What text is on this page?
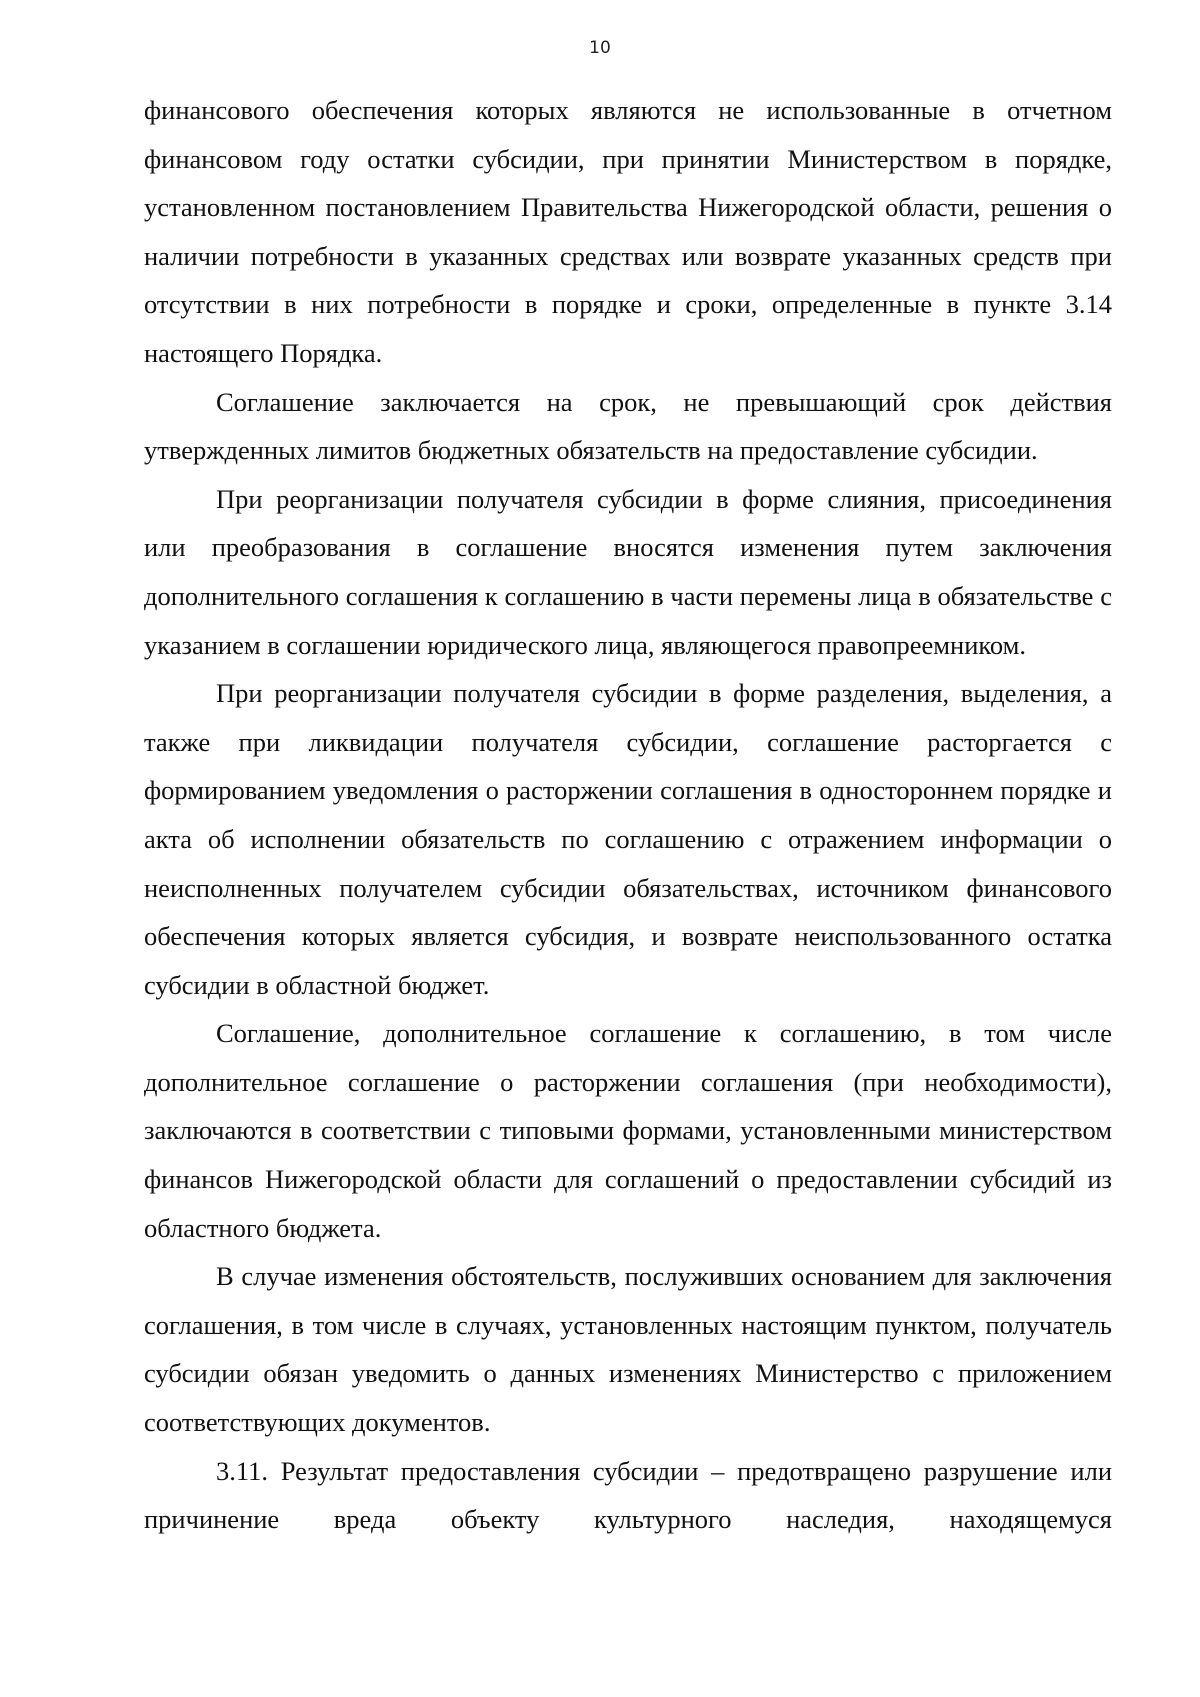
10

финансового обеспечения которых являются не использованные в отчетном финансовом году остатки субсидии, при принятии Министерством в порядке, установленном постановлением Правительства Нижегородской области, решения о наличии потребности в указанных средствах или возврате указанных средств при отсутствии в них потребности в порядке и сроки, определенные в пункте 3.14 настоящего Порядка.

Соглашение заключается на срок, не превышающий срок действия утвержденных лимитов бюджетных обязательств на предоставление субсидии.

При реорганизации получателя субсидии в форме слияния, присоединения или преобразования в соглашение вносятся изменения путем заключения дополнительного соглашения к соглашению в части перемены лица в обязательстве с указанием в соглашении юридического лица, являющегося правопреемником.

При реорганизации получателя субсидии в форме разделения, выделения, а также при ликвидации получателя субсидии, соглашение расторгается с формированием уведомления о расторжении соглашения в одностороннем порядке и акта об исполнении обязательств по соглашению с отражением информации о неисполненных получателем субсидии обязательствах, источником финансового обеспечения которых является субсидия, и возврате неиспользованного остатка субсидии в областной бюджет.

Соглашение, дополнительное соглашение к соглашению, в том числе дополнительное соглашение о расторжении соглашения (при необходимости), заключаются в соответствии с типовыми формами, установленными министерством финансов Нижегородской области для соглашений о предоставлении субсидий из областного бюджета.

В случае изменения обстоятельств, послуживших основанием для заключения соглашения, в том числе в случаях, установленных настоящим пунктом, получатель субсидии обязан уведомить о данных изменениях Министерство с приложением соответствующих документов.

3.11. Результат предоставления субсидии – предотвращено разрушение или причинение вреда объекту культурного наследия, находящемуся
